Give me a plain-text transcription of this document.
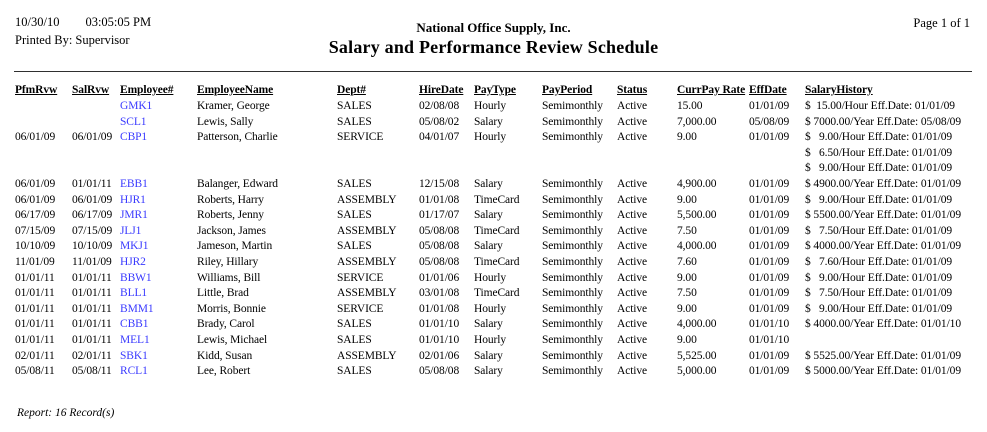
10/30/10 03:05:05 PM
Printed By: Supervisor
National Office Supply, Inc.
Salary and Performance Review Schedule
Page 1 of 1
PfmRvw	SalRvw	Employee#	EmployeeName	Dept#	HireDate	PayType	PayPeriod	Status	CurrPay Rate	EffDate	SalaryHistory
		GMK1	Kramer, George	SALES	02/08/08	Hourly	Semimonthly	Active	15.00	01/01/09	$  15.00/Hour Eff.Date: 01/01/09

		SCL1	Lewis, Sally	SALES	05/08/02	Salary	Semimonthly	Active	7,000.00	05/08/09	$ 7000.00/Year Eff.Date: 05/08/09

06/01/09	06/01/09	CBP1	Patterson, Charlie	SERVICE	04/01/07	Hourly	Semimonthly	Active	9.00	01/01/09	$   9.00/Hour Eff.Date: 01/01/09
$   6.50/Hour Eff.Date: 01/01/09
$   9.00/Hour Eff.Date: 01/01/09

06/01/09	01/01/11	EBB1	Balanger, Edward	SALES	12/15/08	Salary	Semimonthly	Active	4,900.00	01/01/09	$ 4900.00/Year Eff.Date: 01/01/09

06/01/09	06/01/09	HJR1	Roberts, Harry	ASSEMBLY	01/01/08	TimeCard	Semimonthly	Active	9.00	01/01/09	$   9.00/Hour Eff.Date: 01/01/09

06/17/09	06/17/09	JMR1	Roberts, Jenny	SALES	01/17/07	Salary	Semimonthly	Active	5,500.00	01/01/09	$ 5500.00/Year Eff.Date: 01/01/09

07/15/09	07/15/09	JLJ1	Jackson, James	ASSEMBLY	05/08/08	TimeCard	Semimonthly	Active	7.50	01/01/09	$   7.50/Hour Eff.Date: 01/01/09

10/10/09	10/10/09	MKJ1	Jameson, Martin	SALES	05/08/08	Salary	Semimonthly	Active	4,000.00	01/01/09	$ 4000.00/Year Eff.Date: 01/01/09

11/01/09	11/01/09	HJR2	Riley, Hillary	ASSEMBLY	05/08/08	TimeCard	Semimonthly	Active	7.60	01/01/09	$   7.60/Hour Eff.Date: 01/01/09

01/01/11	01/01/11	BBW1	Williams, Bill	SERVICE	01/01/06	Hourly	Semimonthly	Active	9.00	01/01/09	$   9.00/Hour Eff.Date: 01/01/09

01/01/11	01/01/11	BLL1	Little, Brad	ASSEMBLY	03/01/08	TimeCard	Semimonthly	Active	7.50	01/01/09	$   7.50/Hour Eff.Date: 01/01/09

01/01/11	01/01/11	BMM1	Morris, Bonnie	SERVICE	01/01/08	Hourly	Semimonthly	Active	9.00	01/01/09	$   9.00/Hour Eff.Date: 01/01/09

01/01/11	01/01/11	CBB1	Brady, Carol	SALES	01/01/10	Salary	Semimonthly	Active	4,000.00	01/01/10	$ 4000.00/Year Eff.Date: 01/01/10

01/01/11	01/01/11	MEL1	Lewis, Michael	SALES	01/01/10	Hourly	Semimonthly	Active	9.00	01/01/10	
02/01/11	02/01/11	SBK1	Kidd, Susan	ASSEMBLY	02/01/06	Salary	Semimonthly	Active	5,525.00	01/01/09	$ 5525.00/Year Eff.Date: 01/01/09

05/08/11	05/08/11	RCL1	Lee, Robert	SALES	05/08/08	Salary	Semimonthly	Active	5,000.00	01/01/09	$ 5000.00/Year Eff.Date: 01/01/09
Report: 16 Record(s)
